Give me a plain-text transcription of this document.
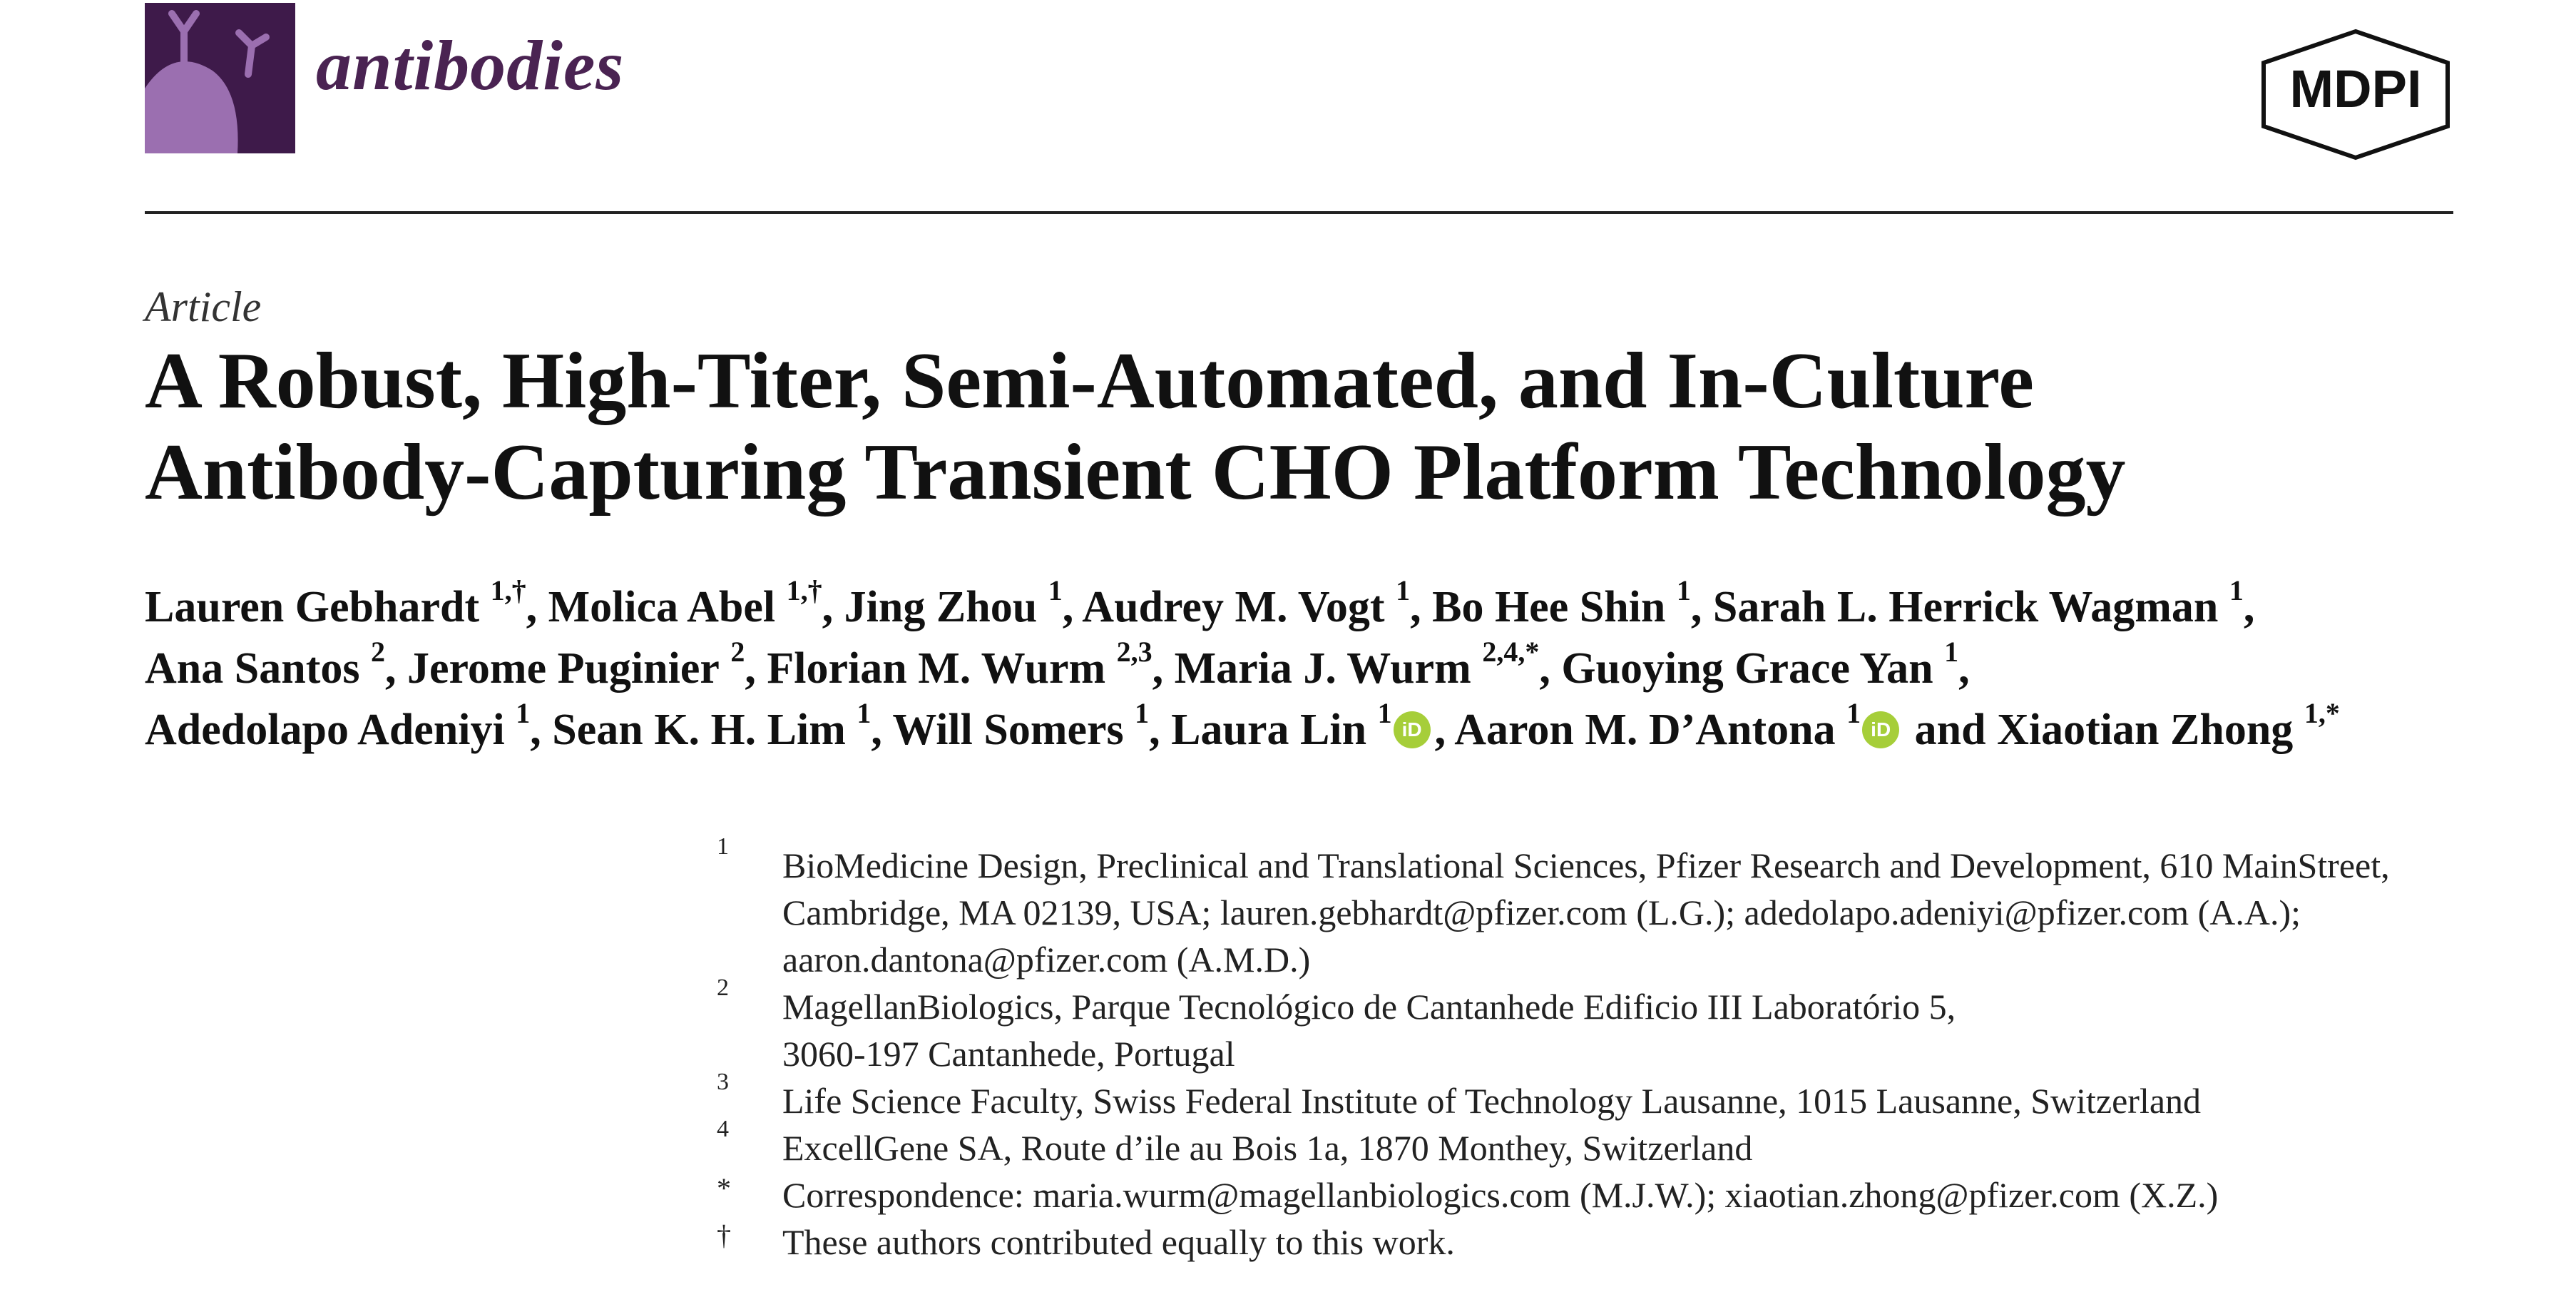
antibodies	MDPI
Article
A Robust, High-Titer, Semi-Automated, and In-Culture
Antibody-Capturing Transient CHO Platform Technology
Lauren Gebhardt $^{1,\dagger}$, Molica Abel $^{1,\dagger}$, Jing Zhou $^1$, Audrey M. Vogt $^1$, Bo Hee Shin $^1$, Sarah L. Herrick Wagman $^1$,
Ana Santos $^2$, Jerome Puginier $^2$, Florian M. Wurm $^{2,3}$, Maria J. Wurm $^{2,4,*}$, Guoying Grace Yan $^1$,
Adedolapo Adeniyi $^1$, Sean K. H. Lim $^1$, Will Somers $^1$, Laura Lin $^1$ iD , Aaron M. D’Antona $^1$ iD and Xiaotian Zhong $^{1,*}$
1 BioMedicine Design, Preclinical and Translational Sciences, Pfizer Research and Development, 610 MainStreet,
Cambridge, MA 02139, USA; lauren.gebhardt@pfizer.com (L.G.); adedolapo.adeniyi@pfizer.com (A.A.);
aaron.dantona@pfizer.com (A.M.D.)
2 MagellanBiologics, Parque Tecnológico de Cantanhede Edificio III Laboratório 5,
3060-197 Cantanhede, Portugal
3 Life Science Faculty, Swiss Federal Institute of Technology Lausanne, 1015 Lausanne, Switzerland
4 ExcellGene SA, Route d’ile au Bois 1a, 1870 Monthey, Switzerland
* Correspondence: maria.wurm@magellanbiologics.com (M.J.W.); xiaotian.zhong@pfizer.com (X.Z.)
† These authors contributed equally to this work.
